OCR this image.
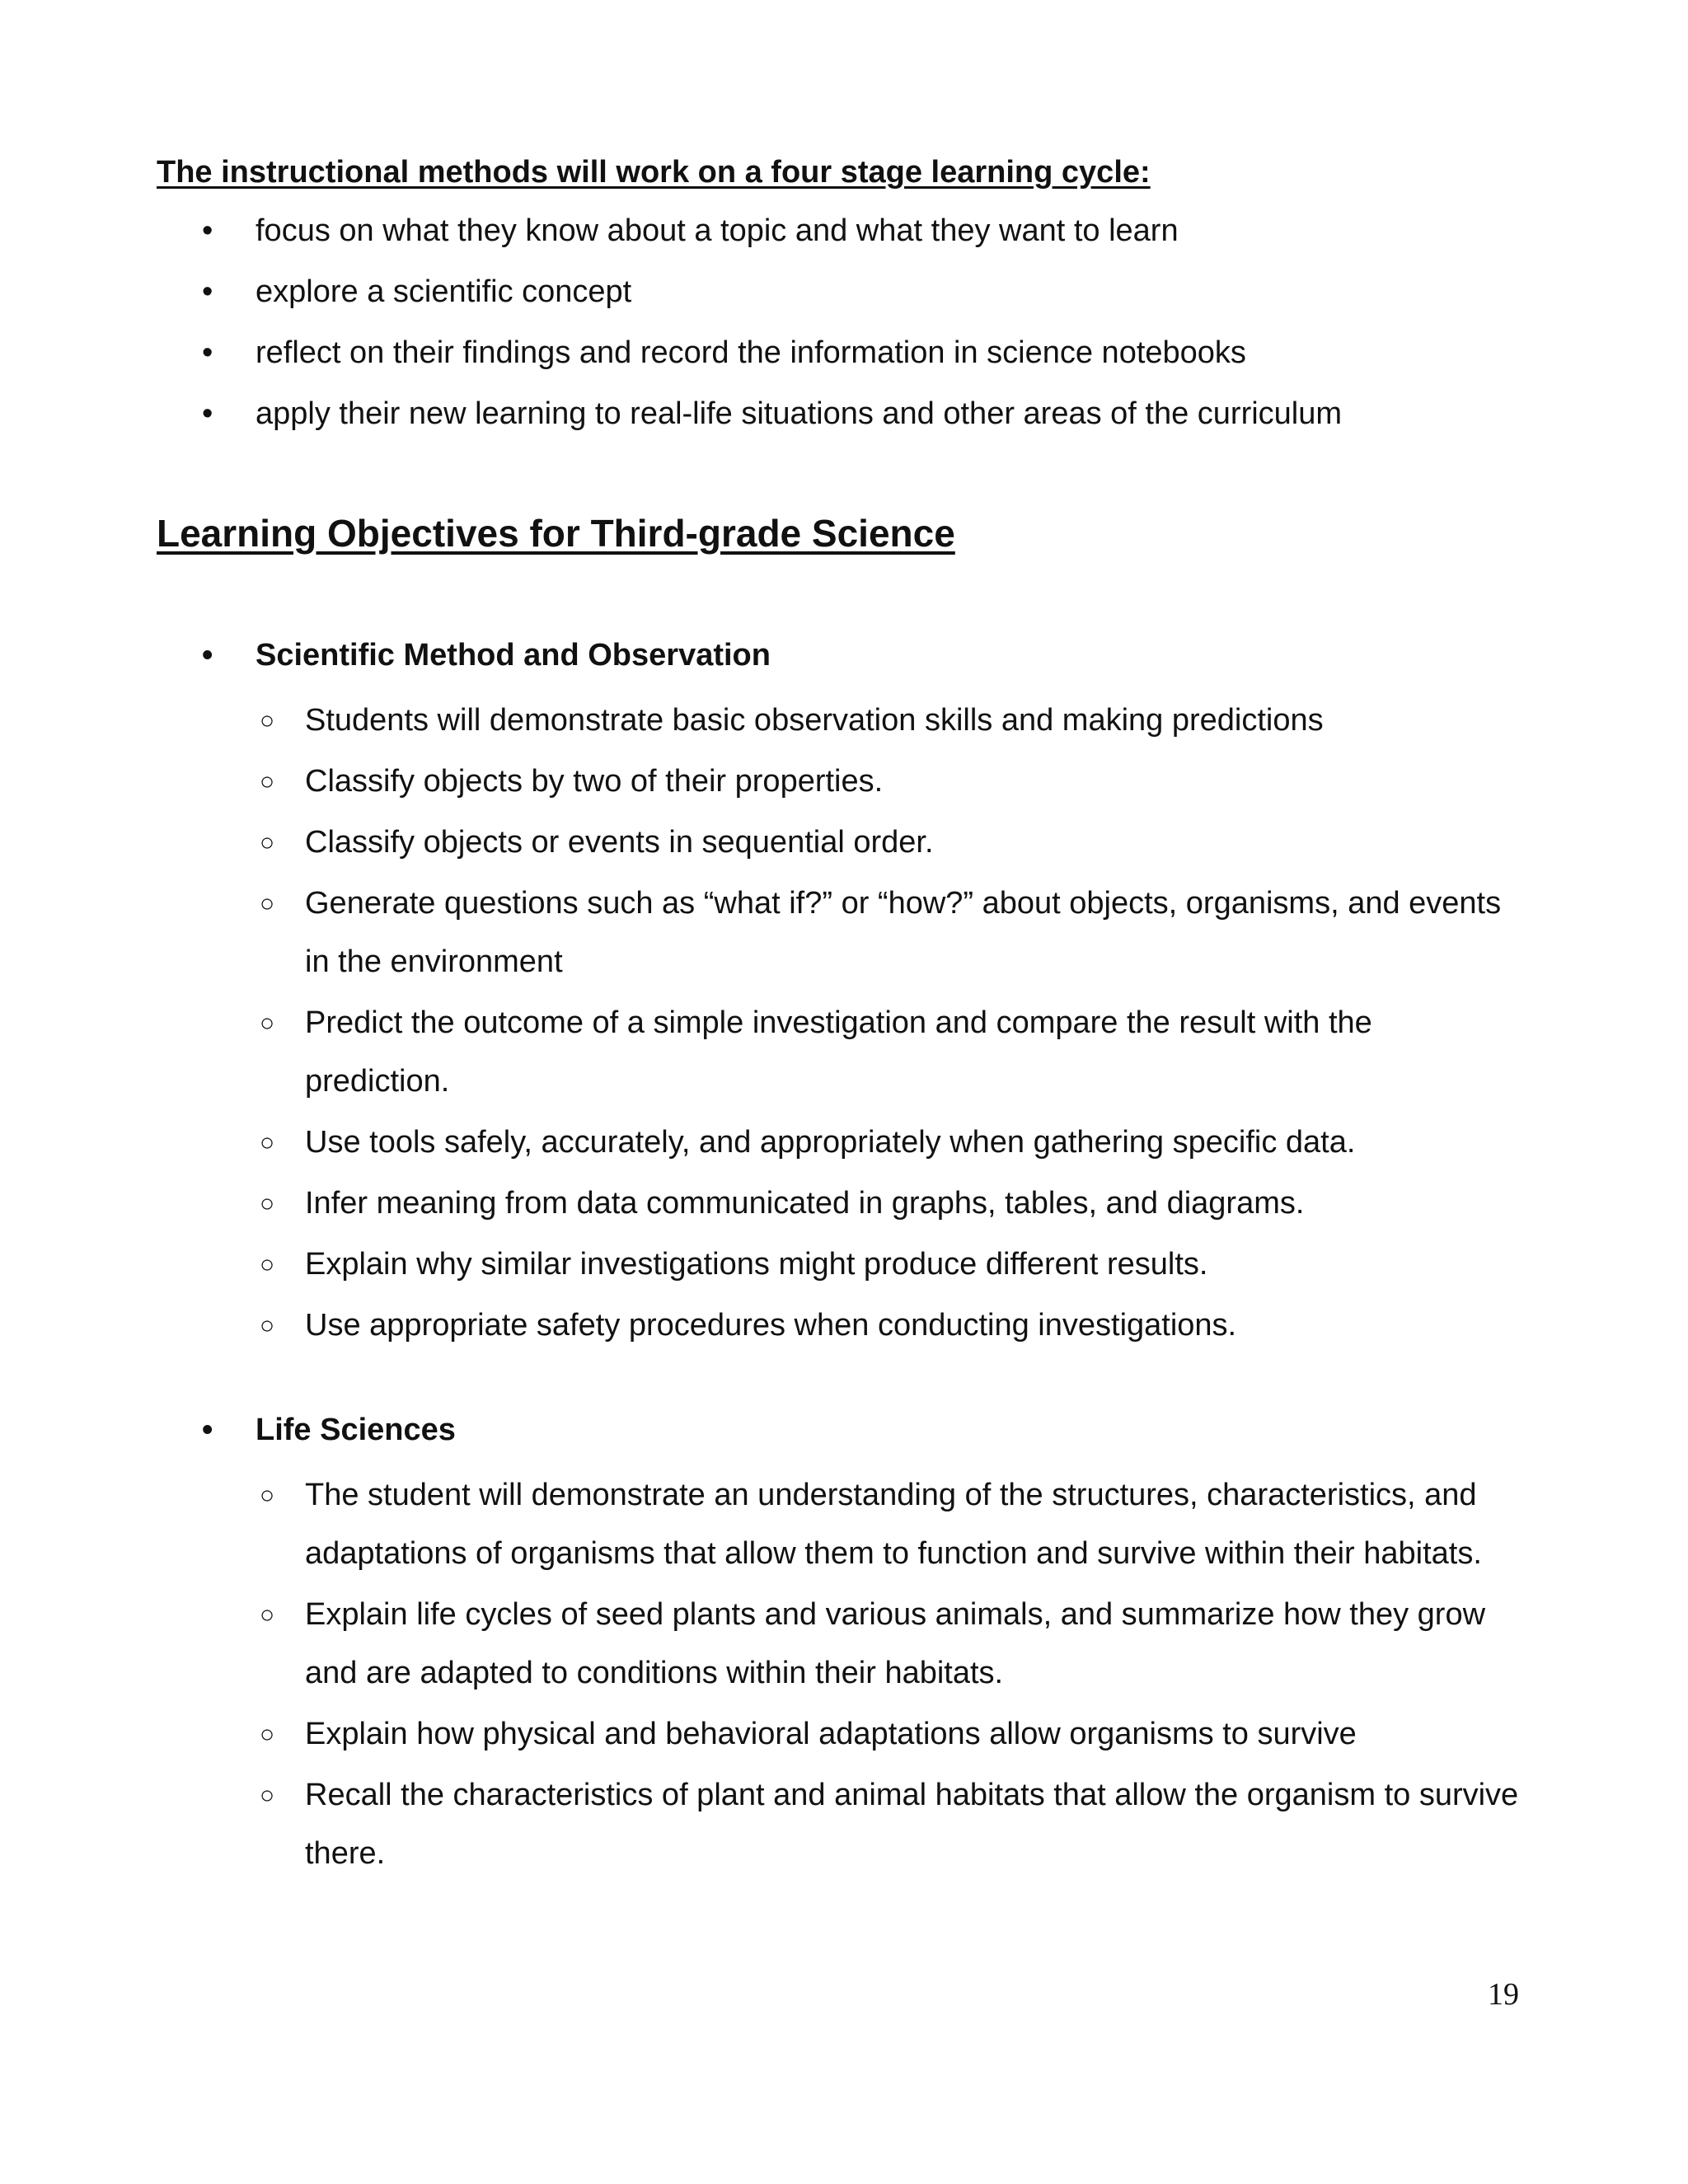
The instructional methods will work on a four stage learning cycle:
• focus on what they know about a topic and what they want to learn
• explore a scientific concept
• reflect on their findings and record the information in science notebooks
• apply their new learning to real-life situations and other areas of the curriculum
Learning Objectives for Third-grade Science
• Scientific Method and Observation
○ Students will demonstrate basic observation skills and making predictions
○ Classify objects by two of their properties.
○ Classify objects or events in sequential order.
○ Generate questions such as “what if?” or “how?” about objects, organisms, and events in the environment
○ Predict the outcome of a simple investigation and compare the result with the prediction.
○ Use tools safely, accurately, and appropriately when gathering specific data.
○ Infer meaning from data communicated in graphs, tables, and diagrams.
○ Explain why similar investigations might produce different results.
○ Use appropriate safety procedures when conducting investigations.
• Life Sciences
○ The student will demonstrate an understanding of the structures, characteristics, and adaptations of organisms that allow them to function and survive within their habitats.
○ Explain life cycles of seed plants and various animals, and summarize how they grow and are adapted to conditions within their habitats.
○ Explain how physical and behavioral adaptations allow organisms to survive
○ Recall the characteristics of plant and animal habitats that allow the organism to survive there.
19
